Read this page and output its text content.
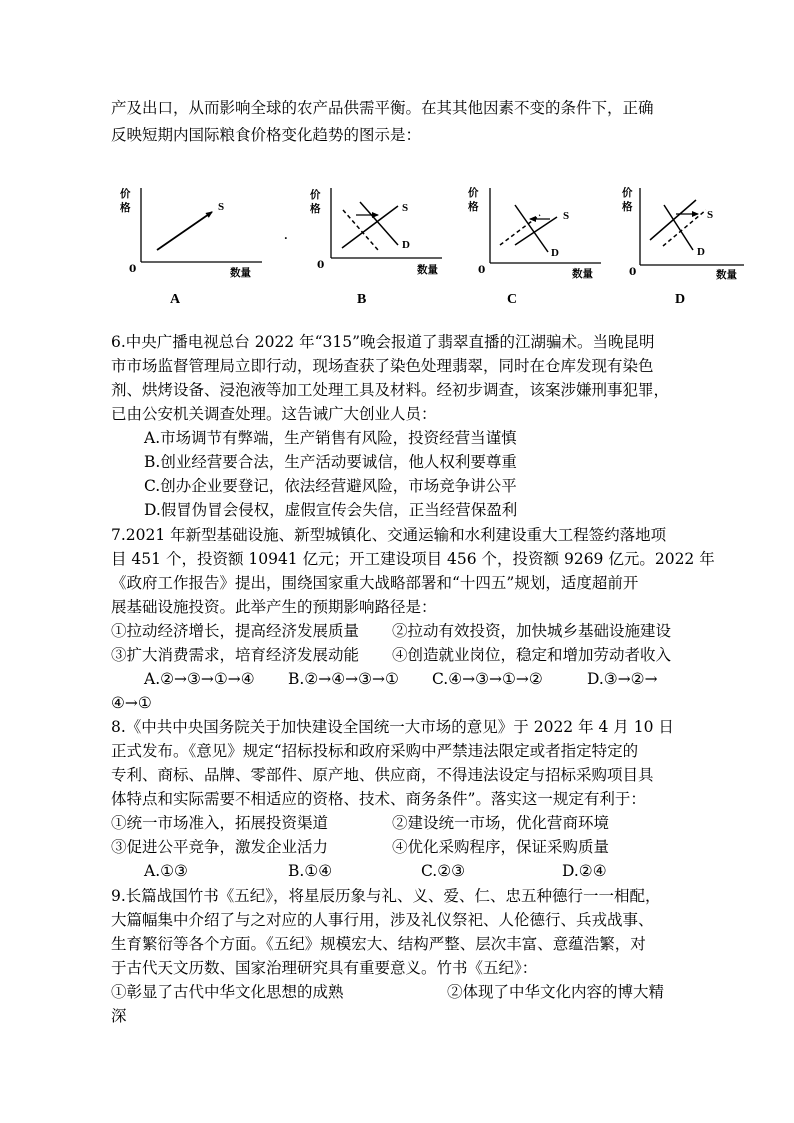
产及出口，从而影响全球的农产品供需平衡。在其其他因素不变的条件下，正确
反映短期内国际粮食价格变化趋势的图示是：
价
格
0	数量
S
.
价
格
0	数量
S
D
价
格
0	数量
S
D
价
格
0	数量
S
D
A	B	C	D
6.中央广播电视总台 2022 年“315”晚会报道了翡翠直播的江湖骗术。当晚昆明
市市场监督管理局立即行动，现场查获了染色处理翡翠，同时在仓库发现有染色
剂、烘烤设备、浸泡液等加工处理工具及材料。经初步调查，该案涉嫌刑事犯罪，
已由公安机关调查处理。这告诫广大创业人员：
A.市场调节有弊端，生产销售有风险，投资经营当谨慎
B.创业经营要合法，生产活动要诚信，他人权利要尊重
C.创办企业要登记，依法经营避风险，市场竞争讲公平
D.假冒伪冒会侵权，虚假宣传会失信，正当经营保盈利
7.2021 年新型基础设施、新型城镇化、交通运输和水利建设重大工程签约落地项
目 451 个，投资额 10941 亿元；开工建设项目 456 个，投资额 9269 亿元。2022 年
《政府工作报告》提出，围绕国家重大战略部署和“十四五”规划，适度超前开
展基础设施投资。此举产生的预期影响路径是：
①拉动经济增长，提高经济发展质量 ②拉动有效投资，加快城乡基础设施建设
③扩大消费需求，培育经济发展动能 ④创造就业岗位，稳定和增加劳动者收入
A.②→③→①→④ B.②→④→③→① C.④→③→①→②	D.③→②→
④→①
8.《中共中央国务院关于加快建设全国统一大市场的意见》于 2022 年 4 月 10 日
正式发布。《意见》规定“招标投标和政府采购中严禁违法限定或者指定特定的
专利、商标、品牌、零部件、原产地、供应商，不得违法设定与招标采购项目具
体特点和实际需要不相适应的资格、技术、商务条件”。落实这一规定有利于：
①统一市场准入，拓展投资渠道	②建设统一市场，优化营商环境
③促进公平竞争，激发企业活力	④优化采购程序，保证采购质量
A.①③	B.①④	C.②③	D.②④
9.长篇战国竹书《五纪》，将星辰历象与礼、义、爱、仁、忠五种德行一一相配，
大篇幅集中介绍了与之对应的人事行用，涉及礼仪祭祀、人伦德行、兵戎战事、
生育繁衍等各个方面。《五纪》规模宏大、结构严整、层次丰富、意蕴浩繁，对
于古代天文历数、国家治理研究具有重要意义。竹书《五纪》：
①彰显了古代中华文化思想的成熟	②体现了中华文化内容的博大精
深
